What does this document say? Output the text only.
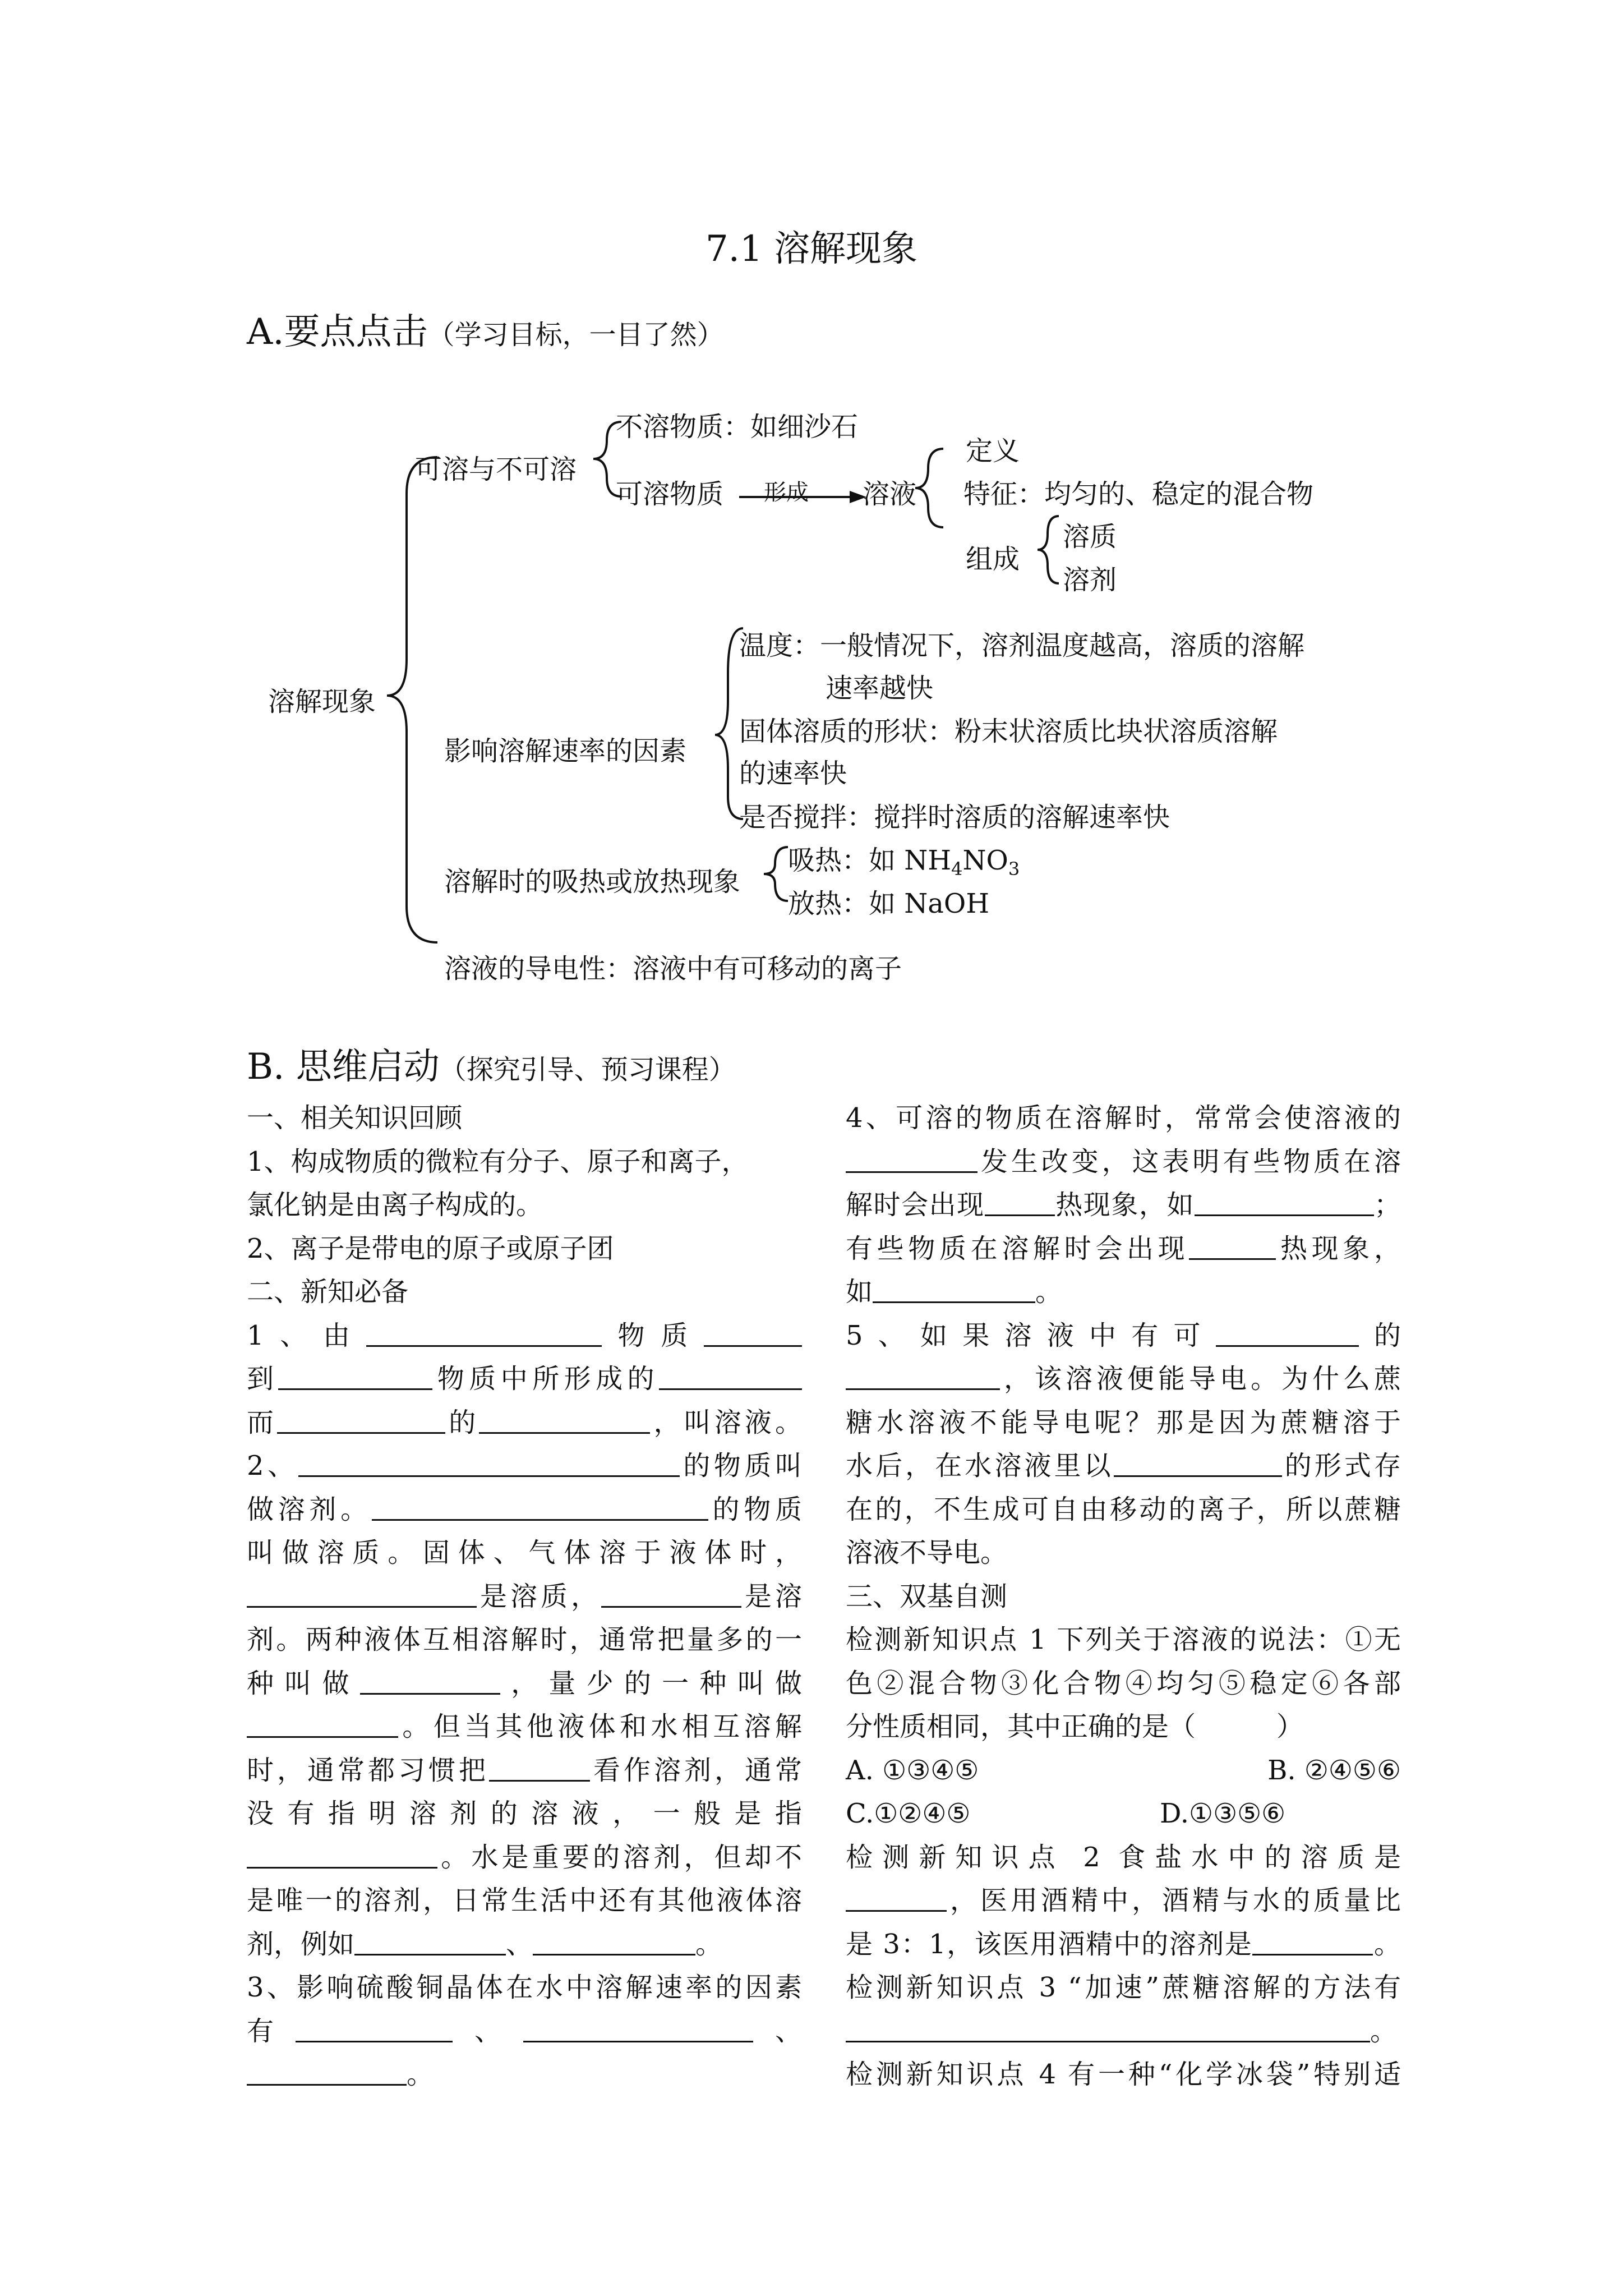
7.1 溶解现象
A.要点点击（学习目标，一目了然）
溶解现象
可溶与不可溶
不溶物质：如细沙石
可溶物质 形成 溶液
定义
特征：均匀的、稳定的混合物
组成
溶质
溶剂
影响溶解速率的因素
温度：一般情况下，溶剂温度越高，溶质的溶解
速率越快
固体溶质的形状：粉末状溶质比块状溶质溶解
的速率快
是否搅拌：搅拌时溶质的溶解速率快
溶解时的吸热或放热现象
吸热：如 $NH_4NO_3$
放热：如 NaOH
溶液的导电性：溶液中有可移动的离子
B. 思维启动（探究引导、预习课程）

一、相关知识回顾

1、构成物质的微粒有分子、原子和离子，

氯化钠是由离子构成的。

2、离子是带电的原子或原子团

二、新知必备

1、由	物质

到	物质中所形成的

而	的	，叫溶液。

2、	的物质叫

做溶剂。	的物质

叫做溶质。固体、气体溶于液体时，

是溶质，	是溶

剂。两种液体互相溶解时，通常把量多的一

种叫做	，量少的一种叫做

。但当其他液体和水相互溶解

时，通常都习惯把	看作溶剂，通常

没有指明溶剂的溶液，一般是指

。水是重要的溶剂，但却不

是唯一的溶剂，日常生活中还有其他液体溶

剂，例如	、	。

3、影响硫酸铜晶体在水中溶解速率的因素

有	、	、

。

4、可溶的物质在溶解时，常常会使溶液的

发生改变，这表明有些物质在溶

解时会出现	热现象，如	；

有些物质在溶解时会出现	热现象，

如	。

5、如果溶液中有可	的

，该溶液便能导电。为什么蔗

糖水溶液不能导电呢？那是因为蔗糖溶于

水后，在水溶液里以	的形式存

在的，不生成可自由移动的离子，所以蔗糖

溶液不导电。

三、双基自测

检测新知识点 1 下列关于溶液的说法：①无

色②混合物③化合物④均匀⑤稳定⑥各部

分性质相同，其中正确的是（　　　）

A. ①③④⑤	B. ②④⑤⑥

C.①②④⑤	D.①③⑤⑥

检测新知识点 2 食盐水中的溶质是

，医用酒精中，酒精与水的质量比

是 3：1，该医用酒精中的溶剂是	。

检测新知识点 3 “加速”蔗糖溶解的方法有

。

检测新知识点 4 有一种“化学冰袋”特别适
